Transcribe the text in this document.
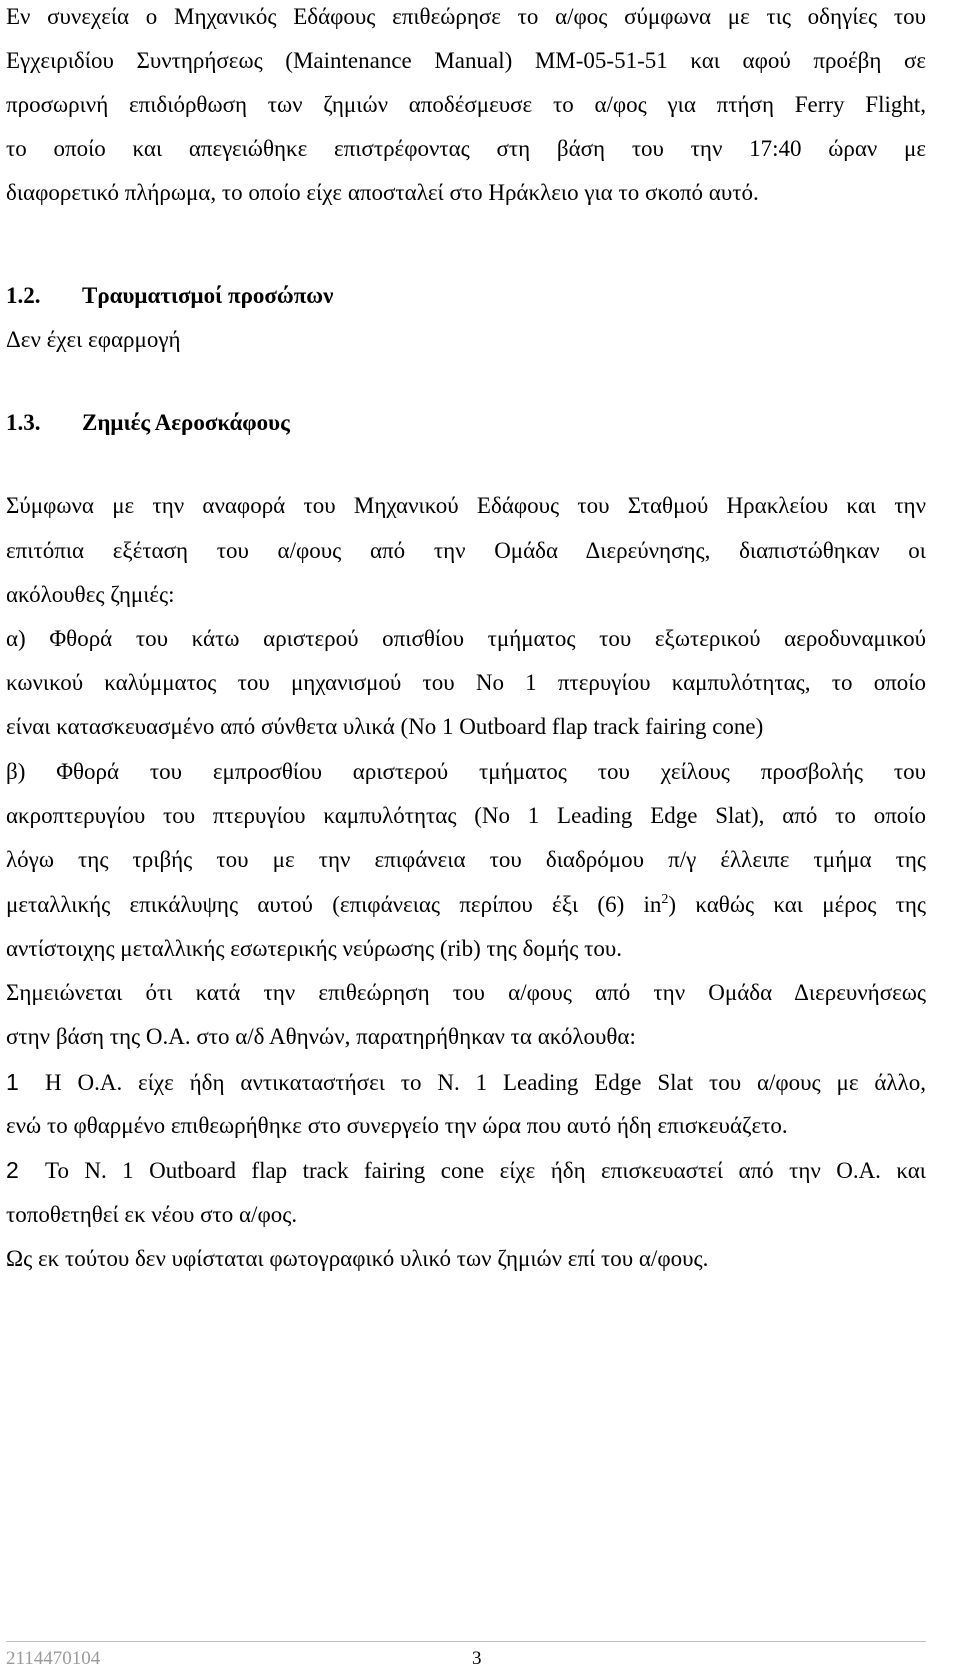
Εν συνεχεία ο Μηχανικός Εδάφους επιθεώρησε το α/φος σύμφωνα με τις οδηγίες του
Εγχειριδίου Συντηρήσεως (Maintenance Manual) ΜΜ-05-51-51 και αφού προέβη σε
προσωρινή επιδιόρθωση των ζημιών αποδέσμευσε το α/φος για πτήση Ferry Flight,
το οποίο και απεγειώθηκε επιστρέφοντας στη βάση του την 17:40 ώραν με
διαφορετικό πλήρωμα, το οποίο είχε αποσταλεί στο Ηράκλειο για το σκοπό αυτό.
1.2. Τραυματισμοί προσώπων
Δεν έχει εφαρμογή
1.3. Ζημιές Αεροσκάφους
Σύμφωνα με την αναφορά του Μηχανικού Εδάφους του Σταθμού Ηρακλείου και την
επιτόπια εξέταση του α/φους από την Ομάδα Διερεύνησης, διαπιστώθηκαν οι
ακόλουθες ζημιές:
α) Φθορά του κάτω αριστερού οπισθίου τμήματος του εξωτερικού αεροδυναμικού
κωνικού καλύμματος του μηχανισμού του Νο 1 πτερυγίου καμπυλότητας, το οποίο
είναι κατασκευασμένο από σύνθετα υλικά (No 1 Outboard flap track fairing cone)
β) Φθορά του εμπροσθίου αριστερού τμήματος του χείλους προσβολής του
ακροπτερυγίου του πτερυγίου καμπυλότητας (No 1 Leading Edge Slat), από το οποίο
λόγω της τριβής του με την επιφάνεια του διαδρόμου π/γ έλλειπε τμήμα της
μεταλλικής επικάλυψης αυτού (επιφάνειας περίπου έξι (6) $in^2$) καθώς και μέρος της
αντίστοιχης μεταλλικής εσωτερικής νεύρωσης (rib) της δομής του.
Σημειώνεται ότι κατά την επιθεώρηση του α/φους από την Ομάδα Διερευνήσεως
στην βάση της Ο.Α. στο α/δ Αθηνών, παρατηρήθηκαν τα ακόλουθα:
1 Η Ο.Α. είχε ήδη αντικαταστήσει το Ν. 1 Leading Edge Slat του α/φους με άλλο,
ενώ το φθαρμένο επιθεωρήθηκε στο συνεργείο την ώρα που αυτό ήδη επισκευάζετο.
2 Το Ν. 1 Outboard flap track fairing cone είχε ήδη επισκευαστεί από την Ο.Α. και
τοποθετηθεί εκ νέου στο α/φος.
Ως εκ τούτου δεν υφίσταται φωτογραφικό υλικό των ζημιών επί του α/φους.
2114470104	3
